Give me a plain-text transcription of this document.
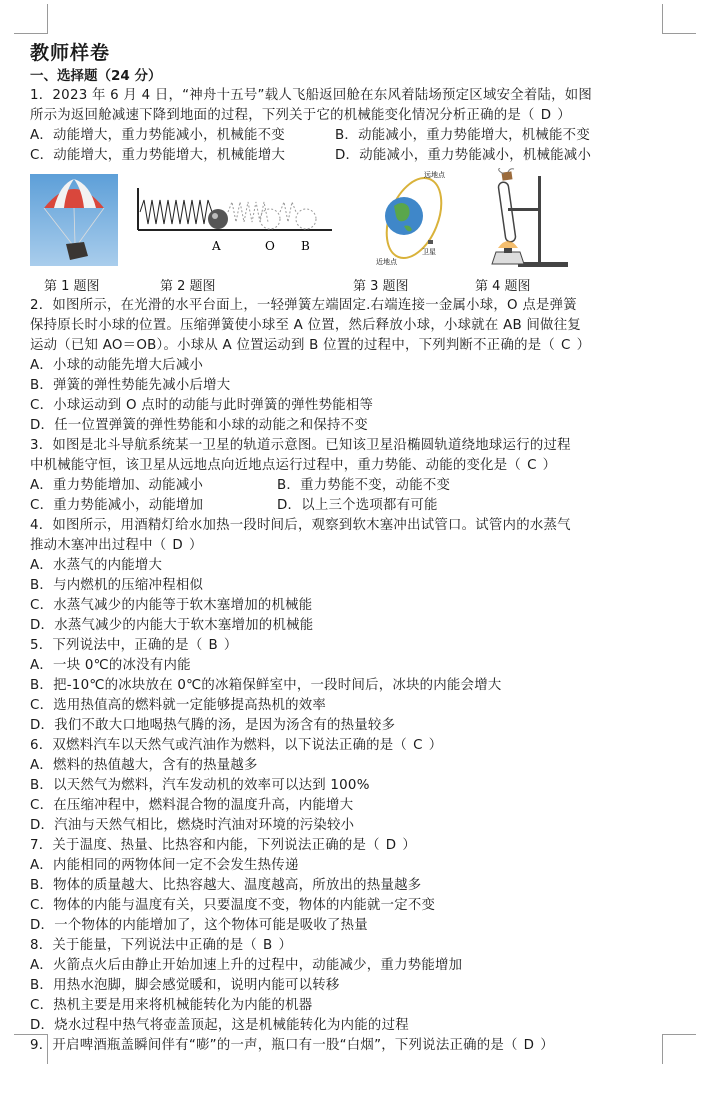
教师样卷
一、选择题（24 分）
1．2023 年 6 月 4 日，“神舟十五号”载人飞船返回舱在东风着陆场预定区域安全着陆，如图
所示为返回舱减速下降到地面的过程，下列关于它的机械能变化情况分析正确的是（ D ）
A．动能增大，重力势能减小，机械能不变	B．动能减小，重力势能增大，机械能不变
C．动能增大，重力势能增大，机械能增大	D．动能减小，重力势能减小，机械能减小
A	O B
远地点
近地点
卫星
第 1 题图	第 2 题图	第 3 题图	第 4 题图
2．如图所示，在光滑的水平台面上，一轻弹簧左端固定.右端连接一金属小球，O 点是弹簧
保持原长时小球的位置。压缩弹簧使小球至 A 位置，然后释放小球，小球就在 AB 间做往复
运动（已知 AO＝OB）。小球从 A 位置运动到 B 位置的过程中，下列判断不正确的是（ C ）
A．小球的动能先增大后减小
B．弹簧的弹性势能先减小后增大
C．小球运动到 O 点时的动能与此时弹簧的弹性势能相等
D．任一位置弹簧的弹性势能和小球的动能之和保持不变
3．如图是北斗导航系统某一卫星的轨道示意图。已知该卫星沿椭圆轨道绕地球运行的过程
中机械能守恒，该卫星从远地点向近地点运行过程中，重力势能、动能的变化是（ C ）
A．重力势能增加、动能减小	B．重力势能不变，动能不变
C．重力势能减小，动能增加	D．以上三个选项都有可能
4．如图所示，用酒精灯给水加热一段时间后，观察到软木塞冲出试管口。试管内的水蒸气
推动木塞冲出过程中（ D ）
A．水蒸气的内能增大
B．与内燃机的压缩冲程相似
C．水蒸气减少的内能等于软木塞增加的机械能
D．水蒸气减少的内能大于软木塞增加的机械能
5．下列说法中，正确的是（ B ）
A．一块 0℃的冰没有内能
B．把-10℃的冰块放在 0℃的冰箱保鲜室中，一段时间后，冰块的内能会增大
C．选用热值高的燃料就一定能够提高热机的效率
D．我们不敢大口地喝热气腾的汤，是因为汤含有的热量较多
6．双燃料汽车以天然气或汽油作为燃料，以下说法正确的是（ C ）
A．燃料的热值越大，含有的热量越多
B．以天然气为燃料，汽车发动机的效率可以达到 100%
C．在压缩冲程中，燃料混合物的温度升高，内能增大
D．汽油与天然气相比，燃烧时汽油对环境的污染较小
7．关于温度、热量、比热容和内能，下列说法正确的是（ D ）
A．内能相同的两物体间一定不会发生热传递
B．物体的质量越大、比热容越大、温度越高，所放出的热量越多
C．物体的内能与温度有关，只要温度不变，物体的内能就一定不变
D．一个物体的内能增加了，这个物体可能是吸收了热量
8．关于能量，下列说法中正确的是（ B ）
A．火箭点火后由静止开始加速上升的过程中，动能减少，重力势能增加
B．用热水泡脚，脚会感觉暖和，说明内能可以转移
C．热机主要是用来将机械能转化为内能的机器
D．烧水过程中热气将壶盖顶起，这是机械能转化为内能的过程
9．开启啤酒瓶盖瞬间伴有“嘭”的一声，瓶口有一股“白烟”，下列说法正确的是（ D ）
